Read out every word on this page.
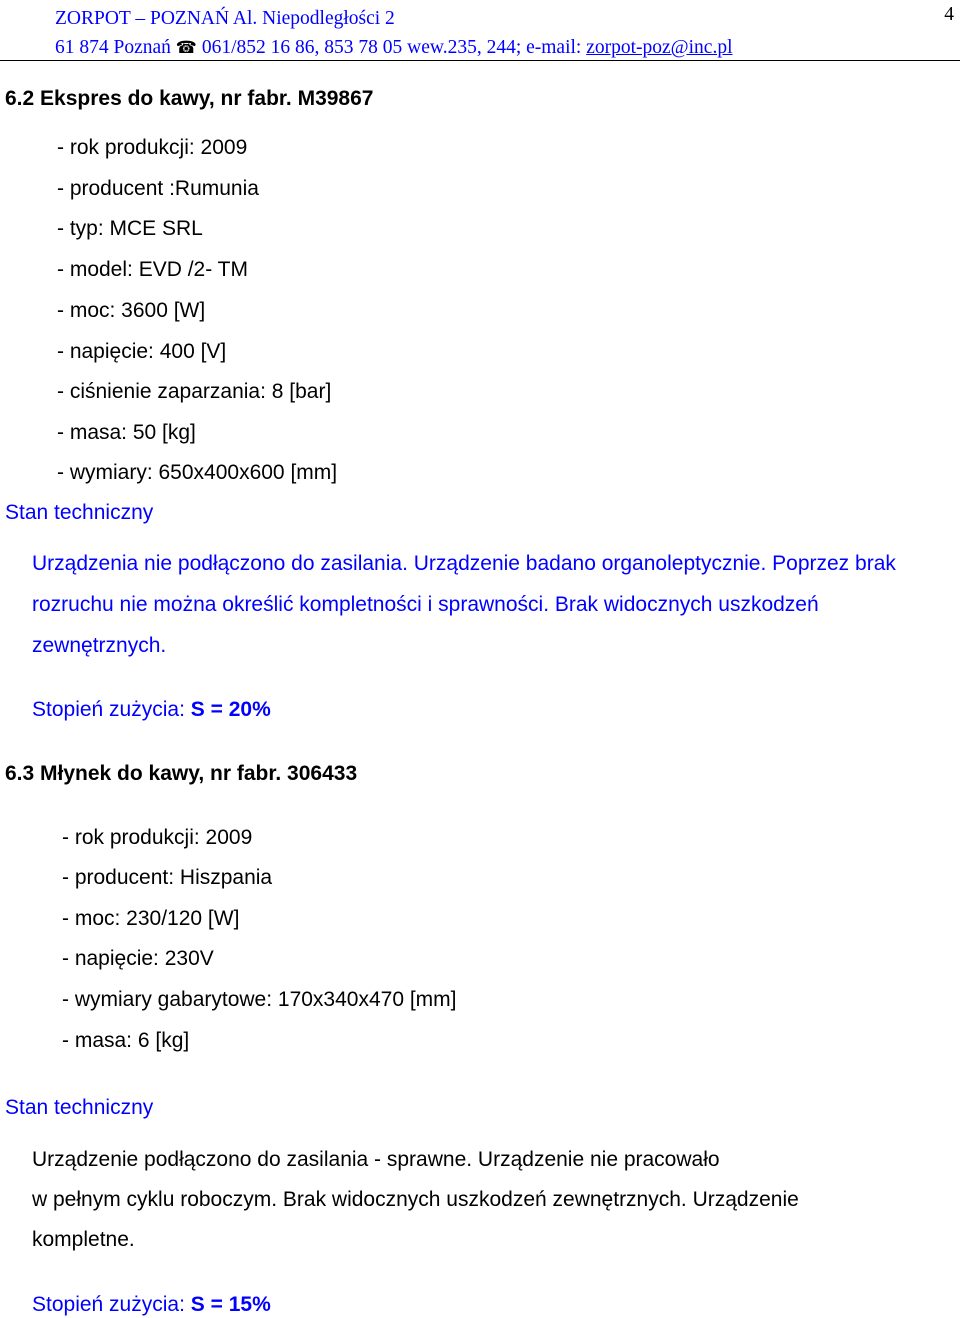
ZORPOT – POZNAŃ Al. Niepodległości 2
61 874 Poznań ☎ 061/852 16 86, 853 78 05 wew.235, 244; e-mail: zorpot-poz@inc.pl
4
6.2 Ekspres do kawy, nr fabr. M39867
- rok produkcji: 2009
- producent :Rumunia
- typ: MCE SRL
- model: EVD /2- TM
- moc: 3600 [W]
- napięcie: 400 [V]
- ciśnienie zaparzania: 8 [bar]
- masa: 50 [kg]
- wymiary: 650x400x600 [mm]
Stan techniczny
Urządzenia nie podłączono do zasilania. Urządzenie badano organoleptycznie. Poprzez brak rozruchu nie można określić kompletności i sprawności. Brak widocznych uszkodzeń zewnętrznych.
Stopień zużycia: S = 20%
6.3 Młynek do kawy, nr fabr. 306433
- rok produkcji: 2009
- producent: Hiszpania
- moc: 230/120 [W]
- napięcie: 230V
- wymiary gabarytowe: 170x340x470 [mm]
- masa: 6 [kg]
Stan techniczny
Urządzenie podłączono do zasilania - sprawne. Urządzenie nie pracowało
w pełnym cyklu roboczym. Brak widocznych uszkodzeń zewnętrznych. Urządzenie
kompletne.
Stopień zużycia: S = 15%
